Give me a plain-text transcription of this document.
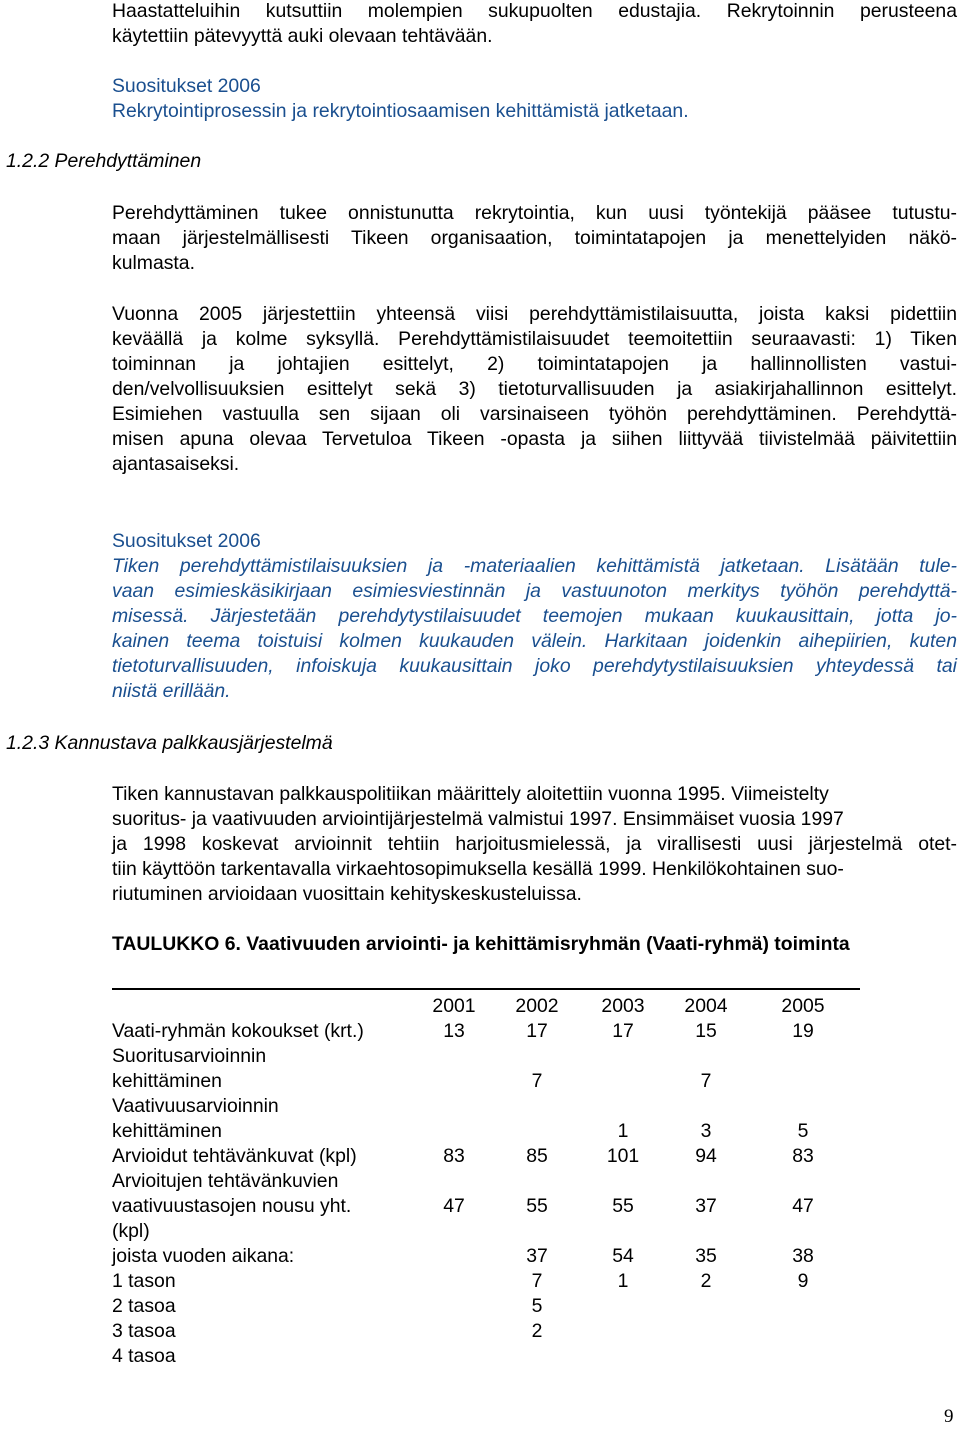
Haastatteluihin kutsuttiin molempien sukupuolten edustajia. Rekrytoinnin perusteena
käytettiin pätevyyttä auki olevaan tehtävään.
Suositukset 2006
Rekrytointiprosessin ja rekrytointiosaamisen kehittämistä jatketaan.
1.2.2 Perehdyttäminen
Perehdyttäminen tukee onnistunutta rekrytointia, kun uusi työntekijä pääsee tutustu-
maan järjestelmällisesti Tikeen organisaation, toimintatapojen ja menettelyiden näkö-
kulmasta.
Vuonna 2005 järjestettiin yhteensä viisi perehdyttämistilaisuutta, joista kaksi pidettiin
keväällä ja kolme syksyllä. Perehdyttämistilaisuudet teemoitettiin seuraavasti: 1) Tiken
toiminnan ja johtajien esittelyt, 2) toimintatapojen ja hallinnollisten vastui-
den/velvollisuuksien esittelyt sekä 3) tietoturvallisuuden ja asiakirjahallinnon esittelyt.
Esimiehen vastuulla sen sijaan oli varsinaiseen työhön perehdyttäminen. Perehdyttä-
misen apuna olevaa Tervetuloa Tikeen -opasta ja siihen liittyvää tiivistelmää päivitettiin
ajantasaiseksi.
Suositukset 2006
Tiken perehdyttämistilaisuuksien ja -materiaalien kehittämistä jatketaan. Lisätään tule-
vaan esimieskäsikirjaan esimiesviestinnän ja vastuunoton merkitys työhön perehdyttä-
misessä. Järjestetään perehdytystilaisuudet teemojen mukaan kuukausittain, jotta jo-
kainen teema toistuisi kolmen kuukauden välein. Harkitaan joidenkin aihepiirien, kuten
tietoturvallisuuden, infoiskuja kuukausittain joko perehdytystilaisuuksien yhteydessä tai
niistä erillään.
1.2.3 Kannustava palkkausjärjestelmä
Tiken kannustavan palkkauspolitiikan määrittely aloitettiin vuonna 1995. Viimeistelty
suoritus- ja vaativuuden arviointijärjestelmä valmistui 1997. Ensimmäiset vuosia 1997
ja 1998 koskevat arvioinnit tehtiin harjoitusmielessä, ja virallisesti uusi järjestelmä otet-
tiin käyttöön tarkentavalla virkaehtosopimuksella kesällä 1999. Henkilökohtainen suo-
riutuminen arvioidaan vuosittain kehityskeskusteluissa.
TAULUKKO 6. Vaativuuden arviointi- ja kehittämisryhmän (Vaati-ryhmä) toiminta
	2001	2002	2003	2004	2005
Vaati-ryhmän kokoukset (krt.)	13	17	17	15	19

Suoritusarvioinnin
kehittäminen		7		7	

Vaativuusarvioinnin
kehittäminen			1	3	5
Arvioidut tehtävänkuvat (kpl)	83	85	101	94	83

Arvioitujen tehtävänkuvien
vaativuustasojen nousu yht.	47	55	55	37	47
(kpl)					
joista vuoden aikana:		37	54	35	38
1 tason		7	1	2	9
2 tasoa		5			
3 tasoa		2			
4 tasoa					
9
